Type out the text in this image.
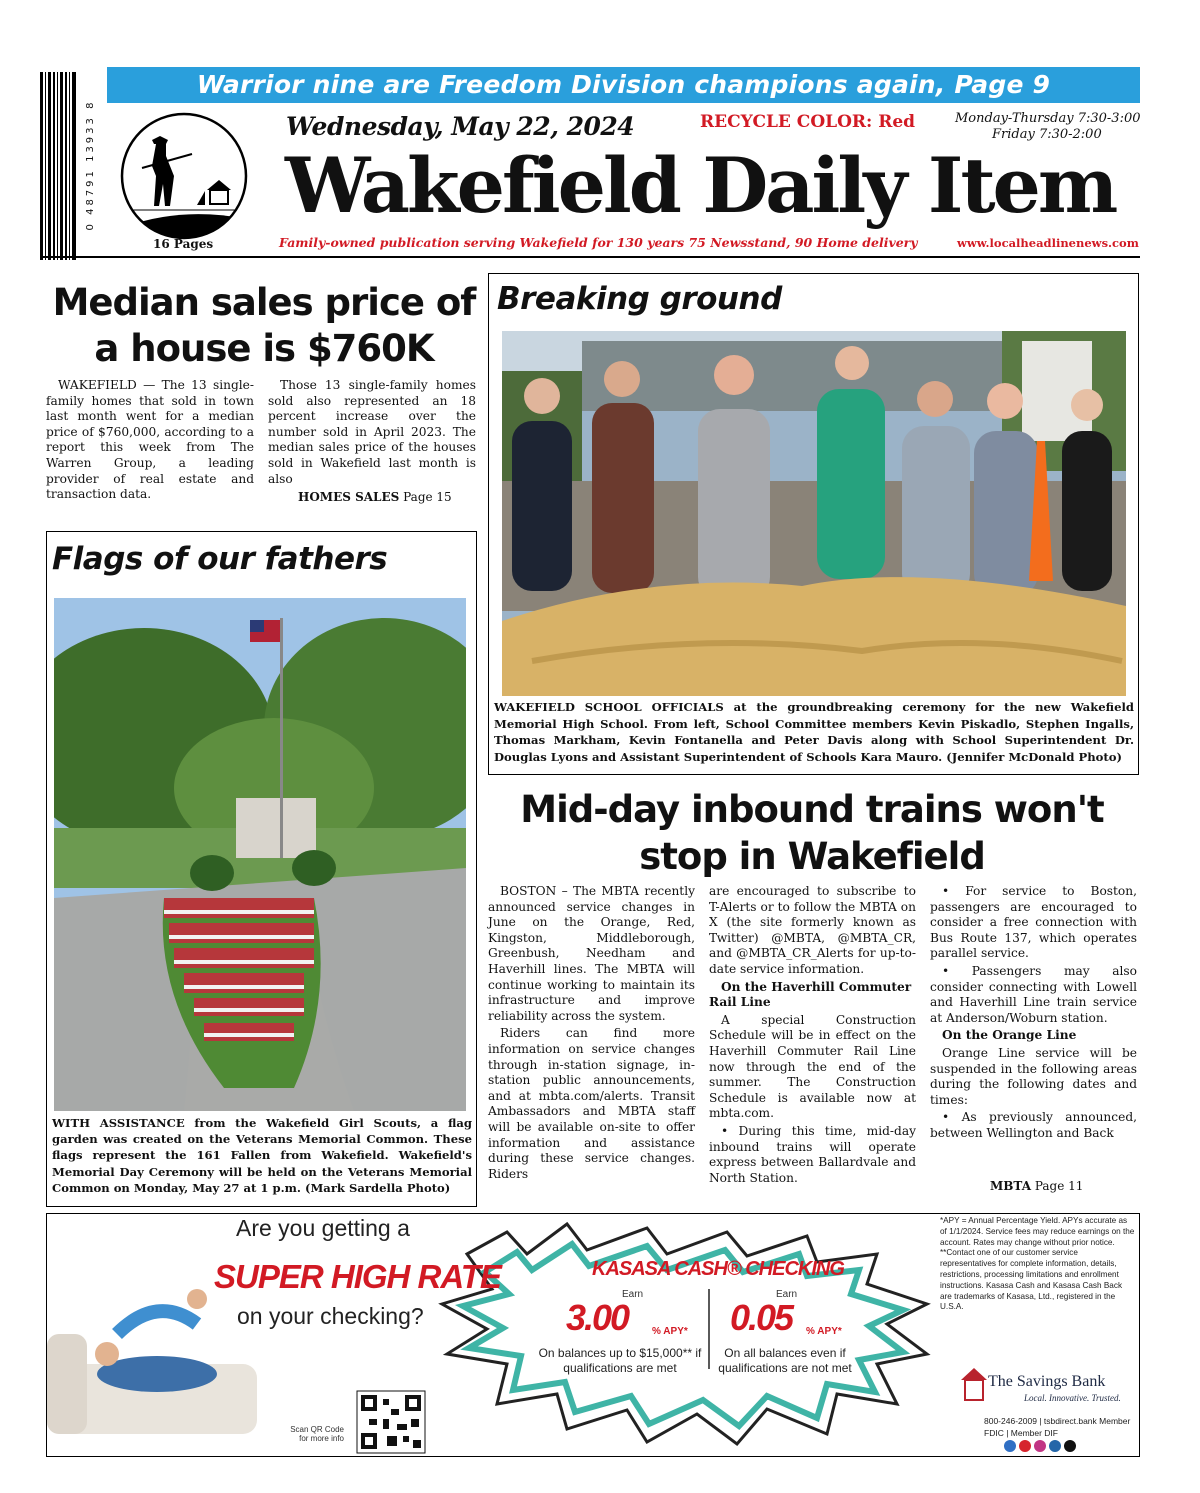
0 48791 13933 8
Warrior nine are Freedom Division champions again, Page 9
16 Pages
Wednesday, May 22, 2024	RECYCLE COLOR: Red	Monday-Thursday 7:30-3:00
Friday 7:30-2:00
Wakefield Daily Item
Family-owned publication serving Wakefield for 130 years 75 Newsstand, 90 Home delivery	www.localheadlinenews.com
Median sales price of a house is $760K
WAKEFIELD — The 13 single-family homes that sold in town last month went for a median price of $760,000, according to a report this week from The Warren Group, a leading provider of real estate and transaction data.
Those 13 single-family homes sold also represented an 18 percent increase over the number sold in April 2023. The median sales price of the houses sold in Wakefield last month is also
HOMES SALES Page 15
Breaking ground
WAKEFIELD SCHOOL OFFICIALS at the groundbreaking ceremony for the new Wakefield Memorial High School. From left, School Committee members Kevin Piskadlo, Stephen Ingalls, Thomas Markham, Kevin Fontanella and Peter Davis along with School Superintendent Dr. Douglas Lyons and Assistant Superintendent of Schools Kara Mauro. (Jennifer McDonald Photo)
Flags of our fathers
WITH ASSISTANCE from the Wakefield Girl Scouts, a flag garden was created on the Veterans Memorial Common. These flags represent the 161 Fallen from Wakefield. Wakefield's Memorial Day Ceremony will be held on the Veterans Memorial Common on Monday, May 27 at 1 p.m. (Mark Sardella Photo)
Mid-day inbound trains won't stop in Wakefield

BOSTON – The MBTA recently announced service changes in June on the Orange, Red, Kingston, Middleborough, Greenbush, Needham and Haverhill lines. The MBTA will continue working to maintain its infrastructure and improve reliability across the system.

Riders can find more information on service changes through in-station signage, in-station public announcements, and at mbta.com/alerts. Transit Ambassadors and MBTA staff will be available on-site to offer information and assistance during these service changes. Riders

are encouraged to subscribe to T-Alerts or to follow the MBTA on X (the site formerly known as Twitter) @MBTA, @MBTA_CR, and @MBTA_CR_Alerts for up-to-date service information.

On the Haverhill Commuter Rail Line

A special Construction Schedule will be in effect on the Haverhill Commuter Rail Line now through the end of the summer. The Construction Schedule is available now at mbta.com.

• During this time, mid-day inbound trains will operate express between Ballardvale and North Station.

• For service to Boston, passengers are encouraged to consider a free connection with Bus Route 137, which operates parallel service.

• Passengers may also consider connecting with Lowell and Haverhill Line train service at Anderson/Woburn station.

On the Orange Line

Orange Line service will be suspended in the following areas during the following dates and times:

• As previously announced, between Wellington and Back

MBTA Page 11
Are you getting a
SUPER HIGH RATE
on your checking?
Scan QR Code for more info
KASASA CASH® CHECKING
Earn	Earn
3.00	0.05
% APY*	% APY*
On balances up to $15,000** if qualifications are met
On all balances even if qualifications are not met
*APY = Annual Percentage Yield. APYs accurate as of 1/1/2024. Service fees may reduce earnings on the account. Rates may change without prior notice. **Contact one of our customer service representatives for complete information, details, restrictions, processing limitations and enrollment instructions. Kasasa Cash and Kasasa Cash Back are trademarks of Kasasa, Ltd., registered in the U.S.A.
The Savings Bank
Local. Innovative. Trusted.
800-246-2009 | tsbdirect.bank Member FDIC | Member DIF
